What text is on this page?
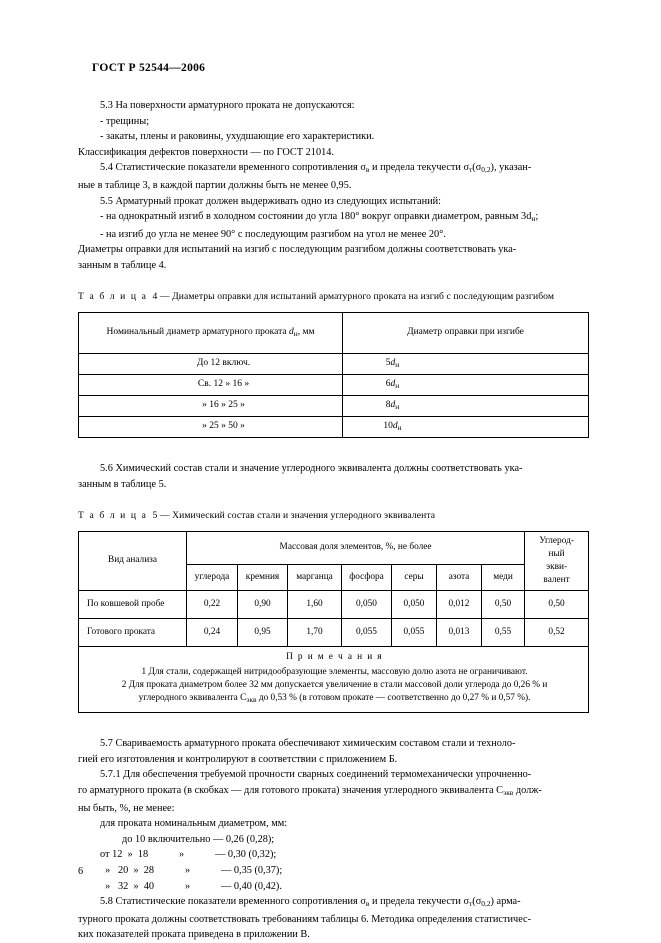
ГОСТ Р 52544—2006

5.3 На поверхности арматурного проката не допускаются:

- трещины;

- закаты, плены и раковины, ухудшающие его характеристики.

Классификация дефектов поверхности — по ГОСТ 21014.

5.4 Статистические показатели временного сопротивления $\sigma_в$ и предела текучести $\sigma_т(\sigma_{0,2})$, указан-

ные в таблице 3, в каждой партии должны быть не менее 0,95.

5.5 Арматурный прокат должен выдерживать одно из следующих испытаний:

- на однократный изгиб в холодном состоянии до угла 180° вокруг оправки диаметром, равным $3d_н$;

- на изгиб до угла не менее 90° с последующим разгибом на угол не менее 20°.

Диаметры оправки для испытаний на изгиб с последующим разгибом должны соответствовать ука-

занным в таблице 4.

Т а б л и ц а 4 — Диаметры оправки для испытаний арматурного проката на изгиб с последующим разгибом

Номинальный диаметр арматурного проката $d_н$, мм	Диаметр оправки при изгибе
До 12 включ.	$5d_н$
Св. 12 » 16 »	$6d_н$
» 16 » 25 »	$8d_н$
» 25 » 50 »	$10d_н$

5.6 Химический состав стали и значение углеродного эквивалента должны соответствовать ука-

занным в таблице 5.

Т а б л и ц а 5 — Химический состав стали и значения углеродного эквивалента

Вид анализа	Массовая доля элементов, %, не более							Углерод-
ный
экви-
валент
	углерода	кремния	марганца	фосфора	серы	азота	меди	
По ковшевой пробе	0,22	0,90	1,60	0,050	0,050	0,012	0,50	0,50
Готового проката	0,24	0,95	1,70	0,055	0,055	0,013	0,55	0,52

П р и м е ч а н и я
1 Для стали, содержащей нитридообразующие элементы, массовую долю азота не ограничивают.
2 Для проката диаметром более 32 мм допускается увеличение в стали массовой доли углерода до 0,26 % и
углеродного эквивалента $С_{экв}$ до 0,53 % (в готовом прокате — соответственно до 0,27 % и 0,57 %).								

5.7 Свариваемость арматурного проката обеспечивают химическим составом стали и техноло-

гией его изготовления и контролируют в соответствии с приложением Б.

5.7.1 Для обеспечения требуемой прочности сварных соединений термомеханически упрочненно-

го арматурного проката (в скобках — для готового проката) значения углеродного эквивалента $С_{экв}$ долж-

ны быть, %, не менее:

для проката номинальным диаметром, мм:

до 10 включительно — 0,26 (0,28);

от 12  »  18            »            — 0,30 (0,32);

»   20  »  28            »            — 0,35 (0,37);

»   32  »  40            »            — 0,40 (0,42).

5.8 Статистические показатели временного сопротивления $\sigma_в$ и предела текучести $\sigma_т(\sigma_{0,2})$ арма-

турного проката должны соответствовать требованиям таблицы 6. Методика определения статистичес-

ких показателей проката приведена в приложении В.

6
